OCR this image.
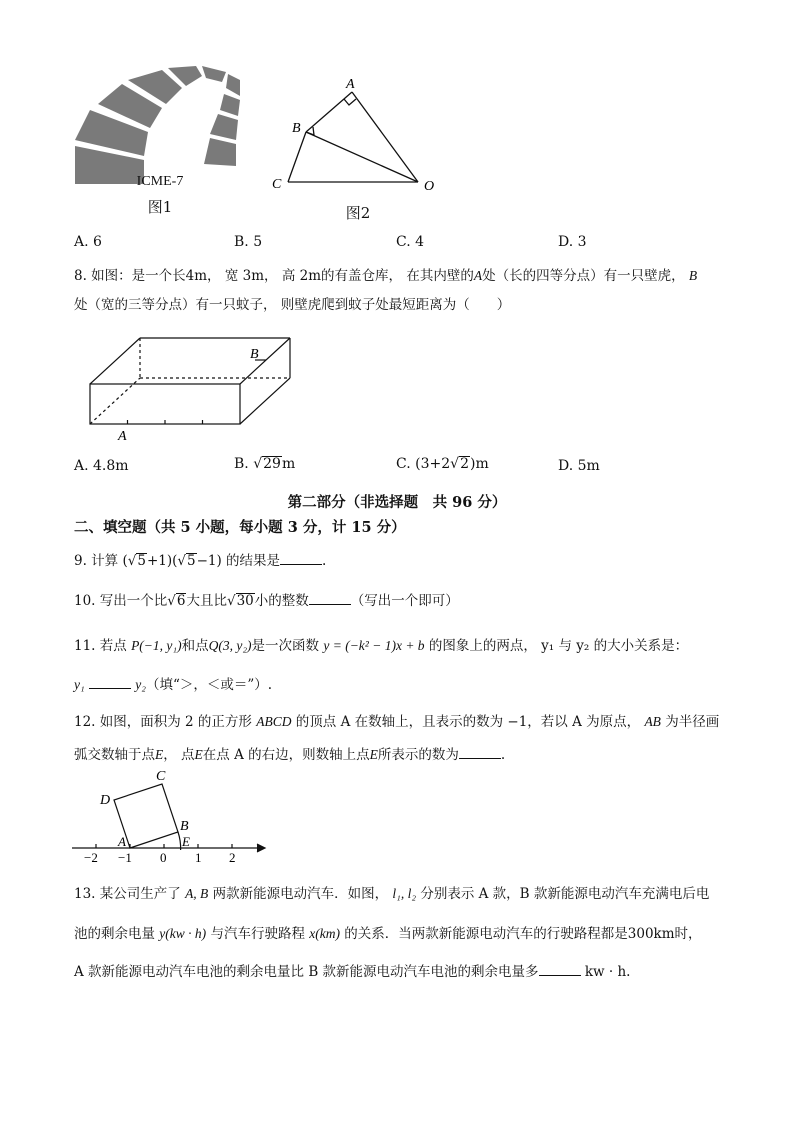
ICME-7
图1
A
B
C	O
图2
A. 6	B. 5	C. 4	D. 3
8. 如图：是一个长4m， 宽 3m， 高 2m的有盖仓库， 在其内壁的A处（长的四等分点）有一只壁虎， B
处（宽的三等分点）有一只蚊子， 则壁虎爬到蚊子处最短距离为（　　）
B
A
A. 4.8m	B. √29m	C. (3+2√2)m	D. 5m
第二部分（非选择题　共 96 分）
二、填空题（共 5 小题，每小题 3 分，计 15 分）
9. 计算 (√5+1)(√5−1) 的结果是	.
10. 写出一个比√6大且比√30小的整数	（写出一个即可）
11. 若点 P(−1, y₁)和点Q(3, y₂)是一次函数 y = (−k² − 1)x + b 的图象上的两点， y₁ 与 y₂ 的大小关系是：
y₁	y₂（填“＞，＜或＝”）.
12. 如图，面积为 2 的正方形 ABCD 的顶点 A 在数轴上，且表示的数为 −1，若以 A 为原点， AB 为半径画
弧交数轴于点E， 点E在点 A 的右边，则数轴上点E所表示的数为	.
C
D
B
A	E
−2 −1 0 1 2
13. 某公司生产了 A, B 两款新能源电动汽车．如图， l₁, l₂ 分别表示 A 款，B 款新能源电动汽车充满电后电
池的剩余电量 y(kw · h) 与汽车行驶路程 x(km) 的关系．当两款新能源电动汽车的行驶路程都是300km时，
A 款新能源电动汽车电池的剩余电量比 B 款新能源电动汽车电池的剩余电量多	kw · h.
